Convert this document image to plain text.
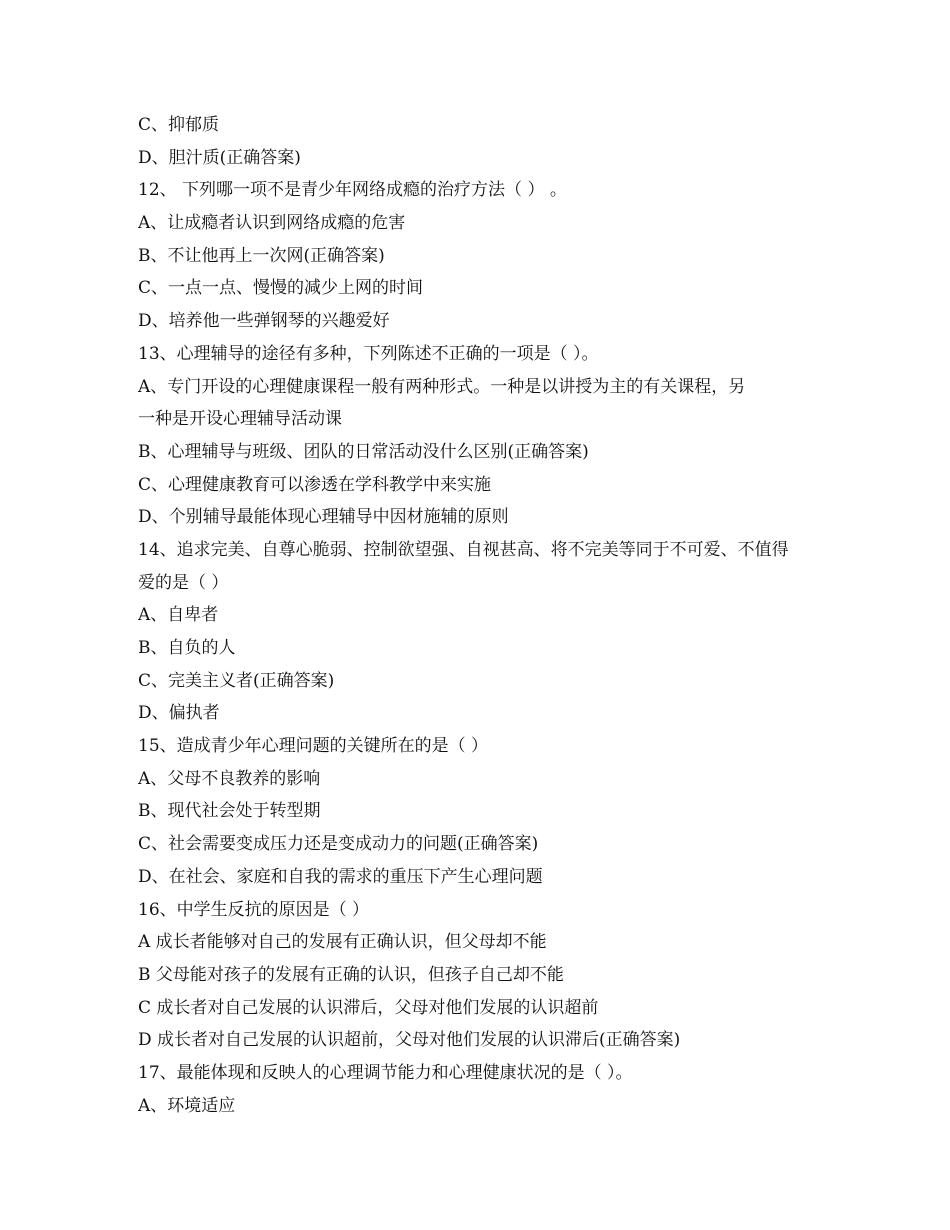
C、抑郁质
D、胆汁质(正确答案)
12、 下列哪一项不是青少年网络成瘾的治疗方法（ ） 。
A、让成瘾者认识到网络成瘾的危害
B、不让他再上一次网(正确答案)
C、一点一点、慢慢的减少上网的时间
D、培养他一些弹钢琴的兴趣爱好
13、心理辅导的途径有多种，下列陈述不正确的一项是（ ）。
A、专门开设的心理健康课程一般有两种形式。一种是以讲授为主的有关课程，另
一种是开设心理辅导活动课
B、心理辅导与班级、团队的日常活动没什么区别(正确答案)
C、心理健康教育可以渗透在学科教学中来实施
D、个别辅导最能体现心理辅导中因材施辅的原则
14、追求完美、自尊心脆弱、控制欲望强、自视甚高、将不完美等同于不可爱、不值得
爱的是（ ）
A、自卑者
B、自负的人
C、完美主义者(正确答案)
D、偏执者
15、造成青少年心理问题的关键所在的是（ ）
A、父母不良教养的影响
B、现代社会处于转型期
C、社会需要变成压力还是变成动力的问题(正确答案)
D、在社会、家庭和自我的需求的重压下产生心理问题
16、中学生反抗的原因是（ ）
A 成长者能够对自己的发展有正确认识，但父母却不能
B 父母能对孩子的发展有正确的认识，但孩子自己却不能
C 成长者对自己发展的认识滞后，父母对他们发展的认识超前
D 成长者对自己发展的认识超前，父母对他们发展的认识滞后(正确答案)
17、最能体现和反映人的心理调节能力和心理健康状况的是（ ）。
A、环境适应
